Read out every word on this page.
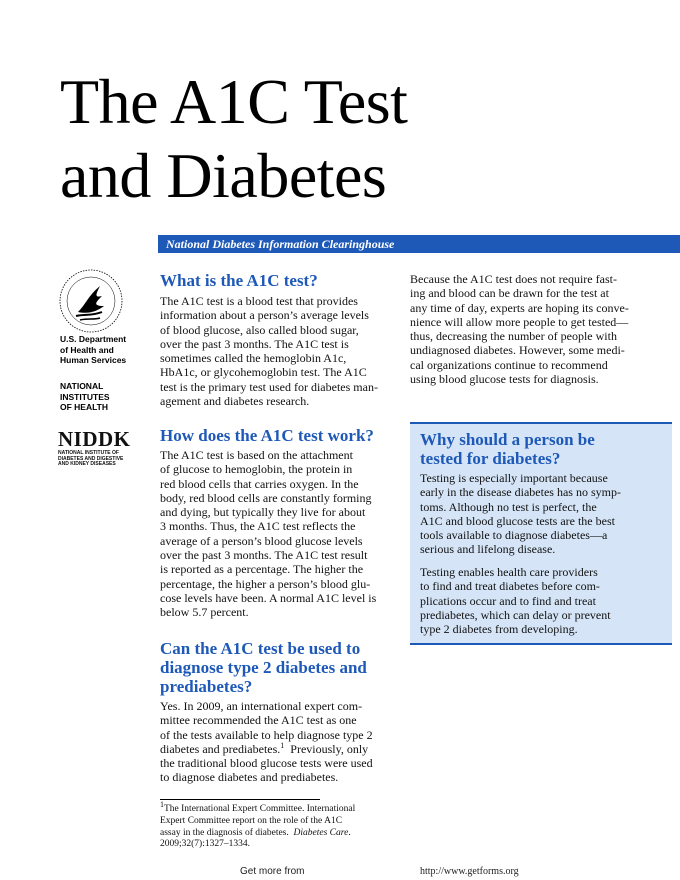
The A1C Test
and Diabetes
National Diabetes Information Clearinghouse
U.S. Department
of Health and
Human Services
NATIONAL
INSTITUTES
OF HEALTH
NIDDK
NATIONAL INSTITUTE OF
DIABETES AND DIGESTIVE
AND KIDNEY DISEASES
What is the A1C test?
The A1C test is a blood test that provides
information about a person’s average levels
of blood glucose, also called blood sugar,
over the past 3 months. The A1C test is
sometimes called the hemoglobin A1c,
HbA1c, or glycohemoglobin test. The A1C
test is the primary test used for diabetes man-
agement and diabetes research.
How does the A1C test work?
The A1C test is based on the attachment
of glucose to hemoglobin, the protein in
red blood cells that carries oxygen. In the
body, red blood cells are constantly forming
and dying, but typically they live for about
3 months. Thus, the A1C test reflects the
average of a person’s blood glucose levels
over the past 3 months. The A1C test result
is reported as a percentage. The higher the
percentage, the higher a person’s blood glu-
cose levels have been. A normal A1C level is
below 5.7 percent.
Can the A1C test be used to
diagnose type 2 diabetes and
prediabetes?
Yes. In 2009, an international expert com-
mittee recommended the A1C test as one
of the tests available to help diagnose type 2
diabetes and prediabetes.$^1$  Previously, only
the traditional blood glucose tests were used
to diagnose diabetes and prediabetes.
Because the A1C test does not require fast-
ing and blood can be drawn for the test at
any time of day, experts are hoping its conve-
nience will allow more people to get tested—
thus, decreasing the number of people with
undiagnosed diabetes. However, some medi-
cal organizations continue to recommend
using blood glucose tests for diagnosis.
Why should a person be
tested for diabetes?
Testing is especially important because
early in the disease diabetes has no symp-
toms. Although no test is perfect, the
A1C and blood glucose tests are the best
tools available to diagnose diabetes—a
serious and lifelong disease.
Testing enables health care providers
to find and treat diabetes before com-
plications occur and to find and treat
prediabetes, which can delay or prevent
type 2 diabetes from developing.
$^1$The International Expert Committee. International
Expert Committee report on the role of the A1C
assay in the diagnosis of diabetes.  Diabetes Care.
2009;32(7):1327–1334.
Get more from	http://www.getforms.org
